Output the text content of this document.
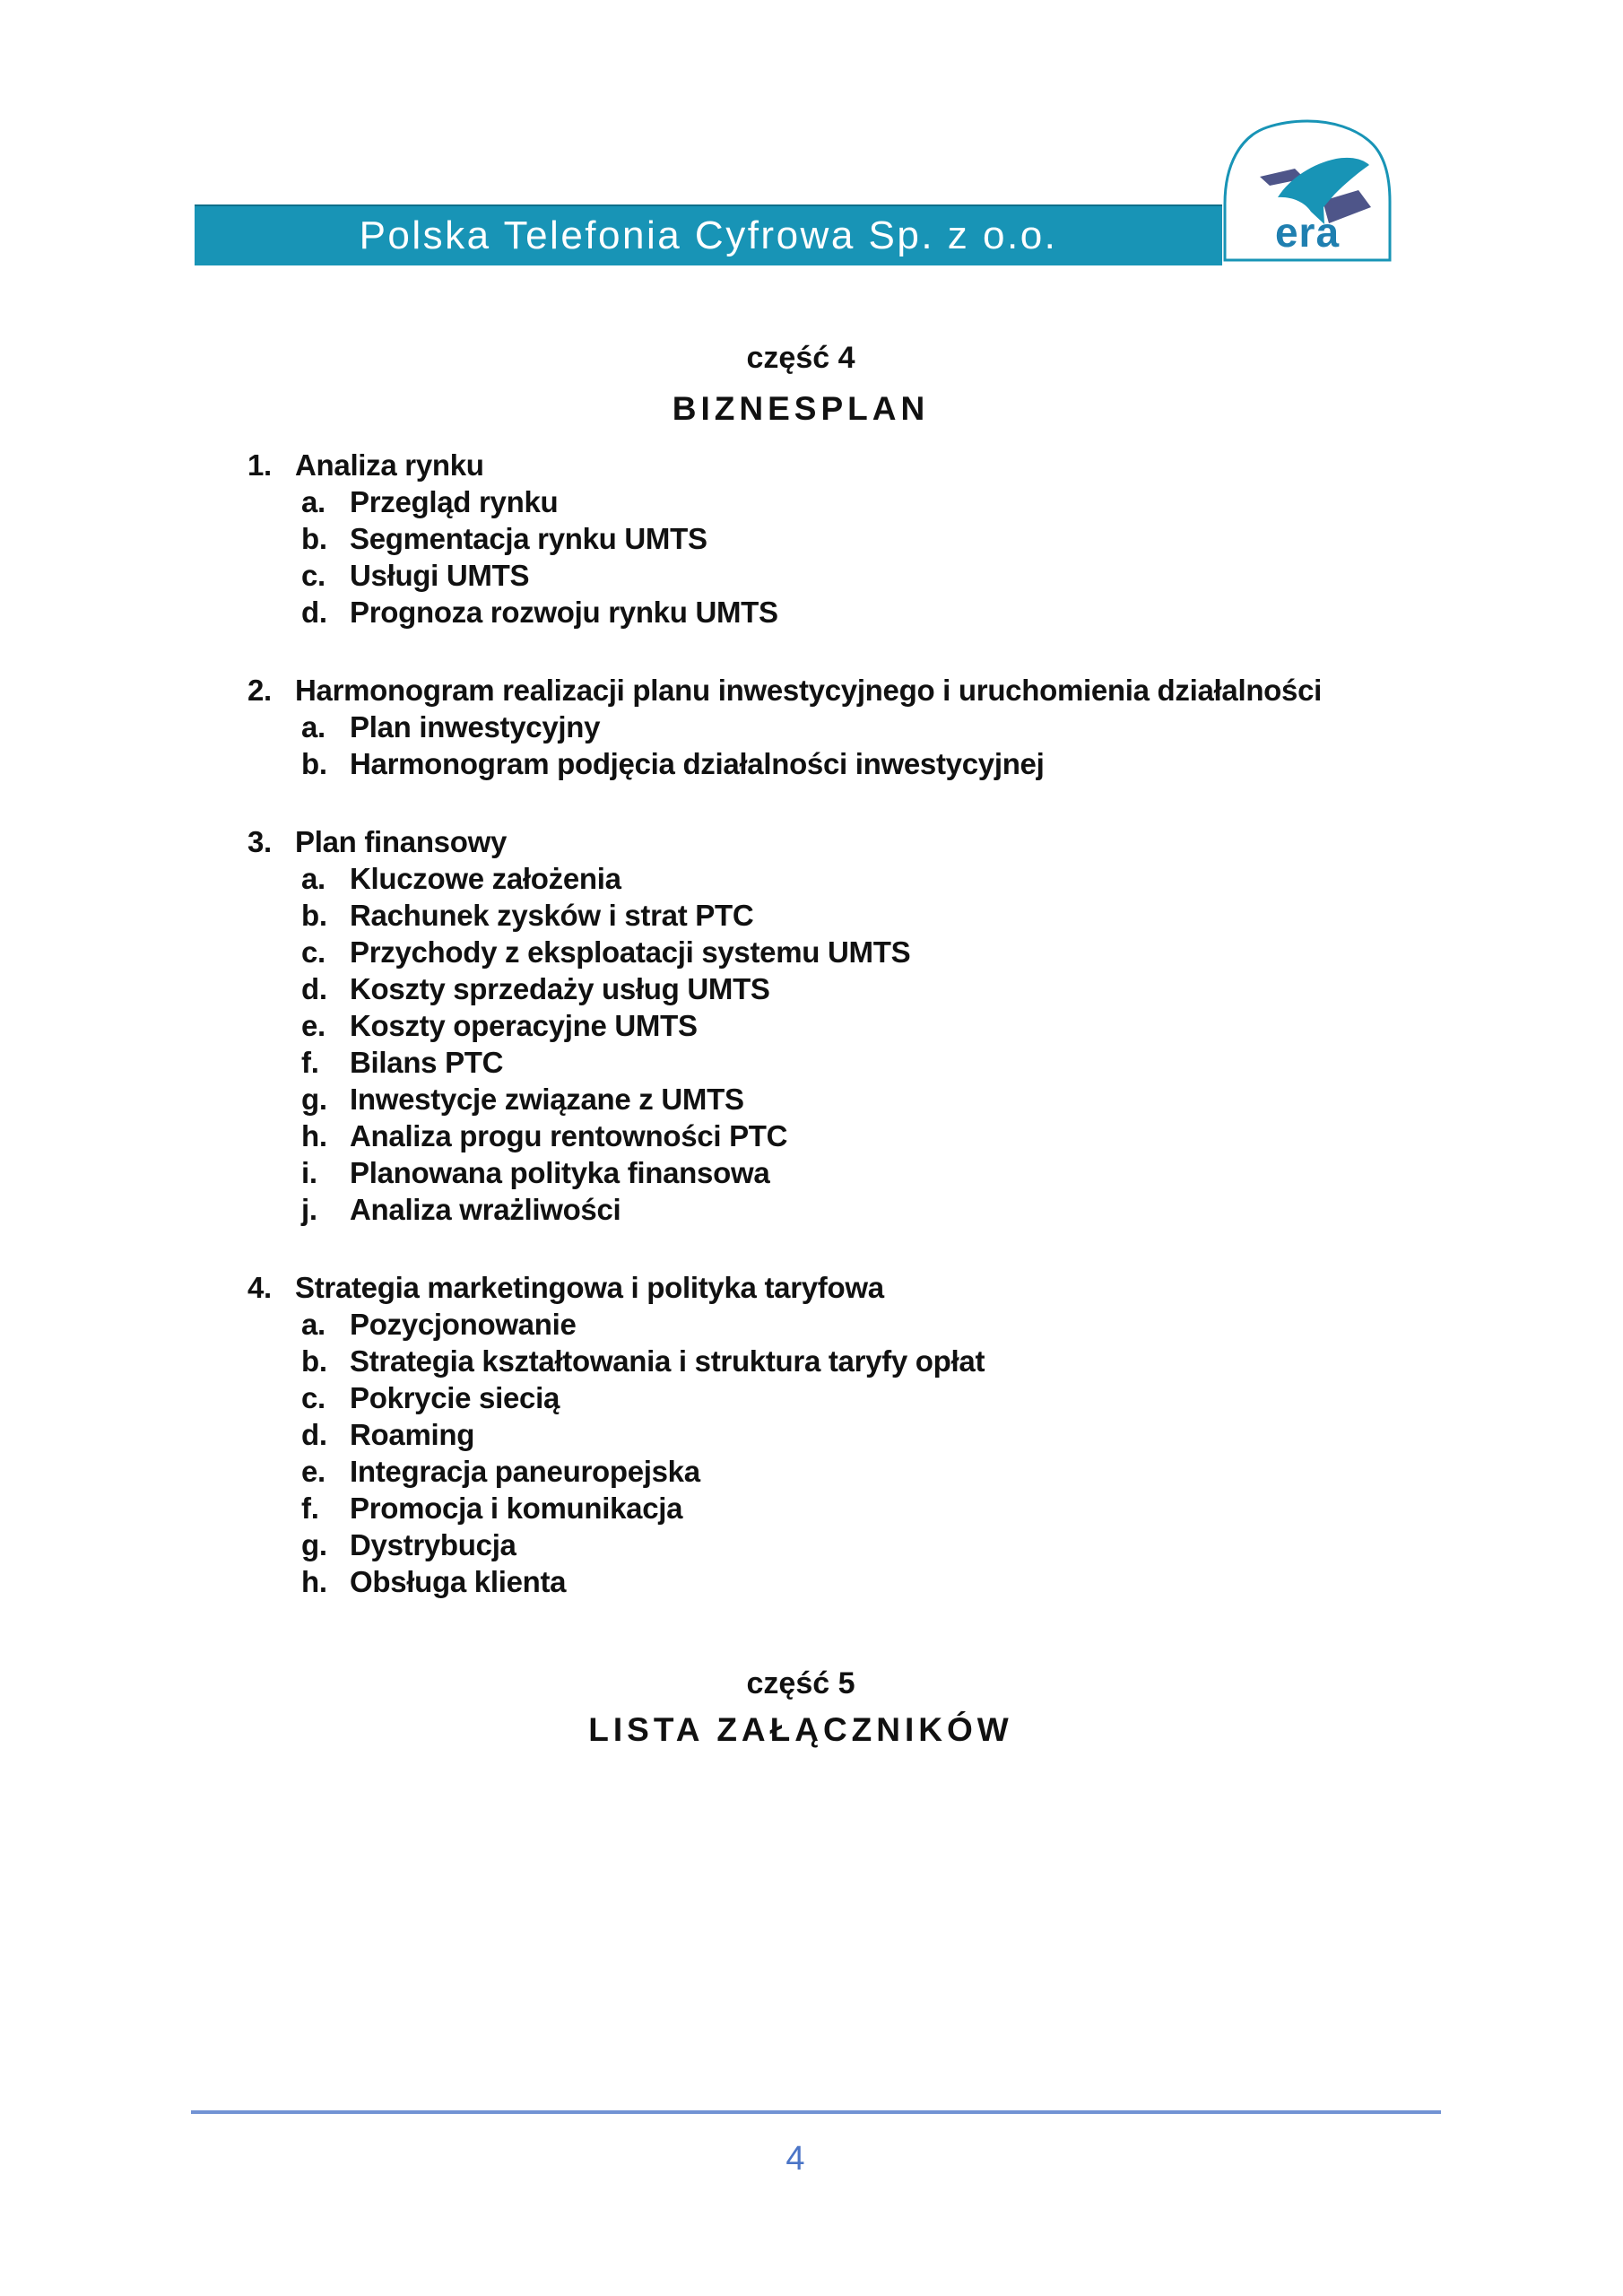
Polska Telefonia Cyfrowa Sp. z o.o.	era
część 4
BIZNESPLAN
1. Analiza rynku
a. Przegląd rynku
b. Segmentacja rynku UMTS
c. Usługi UMTS
d. Prognoza rozwoju rynku UMTS
2. Harmonogram realizacji planu inwestycyjnego i uruchomienia działalności
a. Plan inwestycyjny
b. Harmonogram podjęcia działalności inwestycyjnej
3. Plan finansowy
a. Kluczowe założenia
b. Rachunek zysków i strat PTC
c. Przychody z eksploatacji systemu UMTS
d. Koszty sprzedaży usług UMTS
e. Koszty operacyjne UMTS
f.	Bilans PTC
g. Inwestycje związane z UMTS
h. Analiza progu rentowności PTC
i.	Planowana polityka finansowa
j.	Analiza wrażliwości
4. Strategia marketingowa i polityka taryfowa
a. Pozycjonowanie
b. Strategia kształtowania i struktura taryfy opłat
c. Pokrycie siecią
d. Roaming
e. Integracja paneuropejska
f.	Promocja i komunikacja
g. Dystrybucja
h. Obsługa klienta
część 5
LISTA ZAŁĄCZNIKÓW
4
